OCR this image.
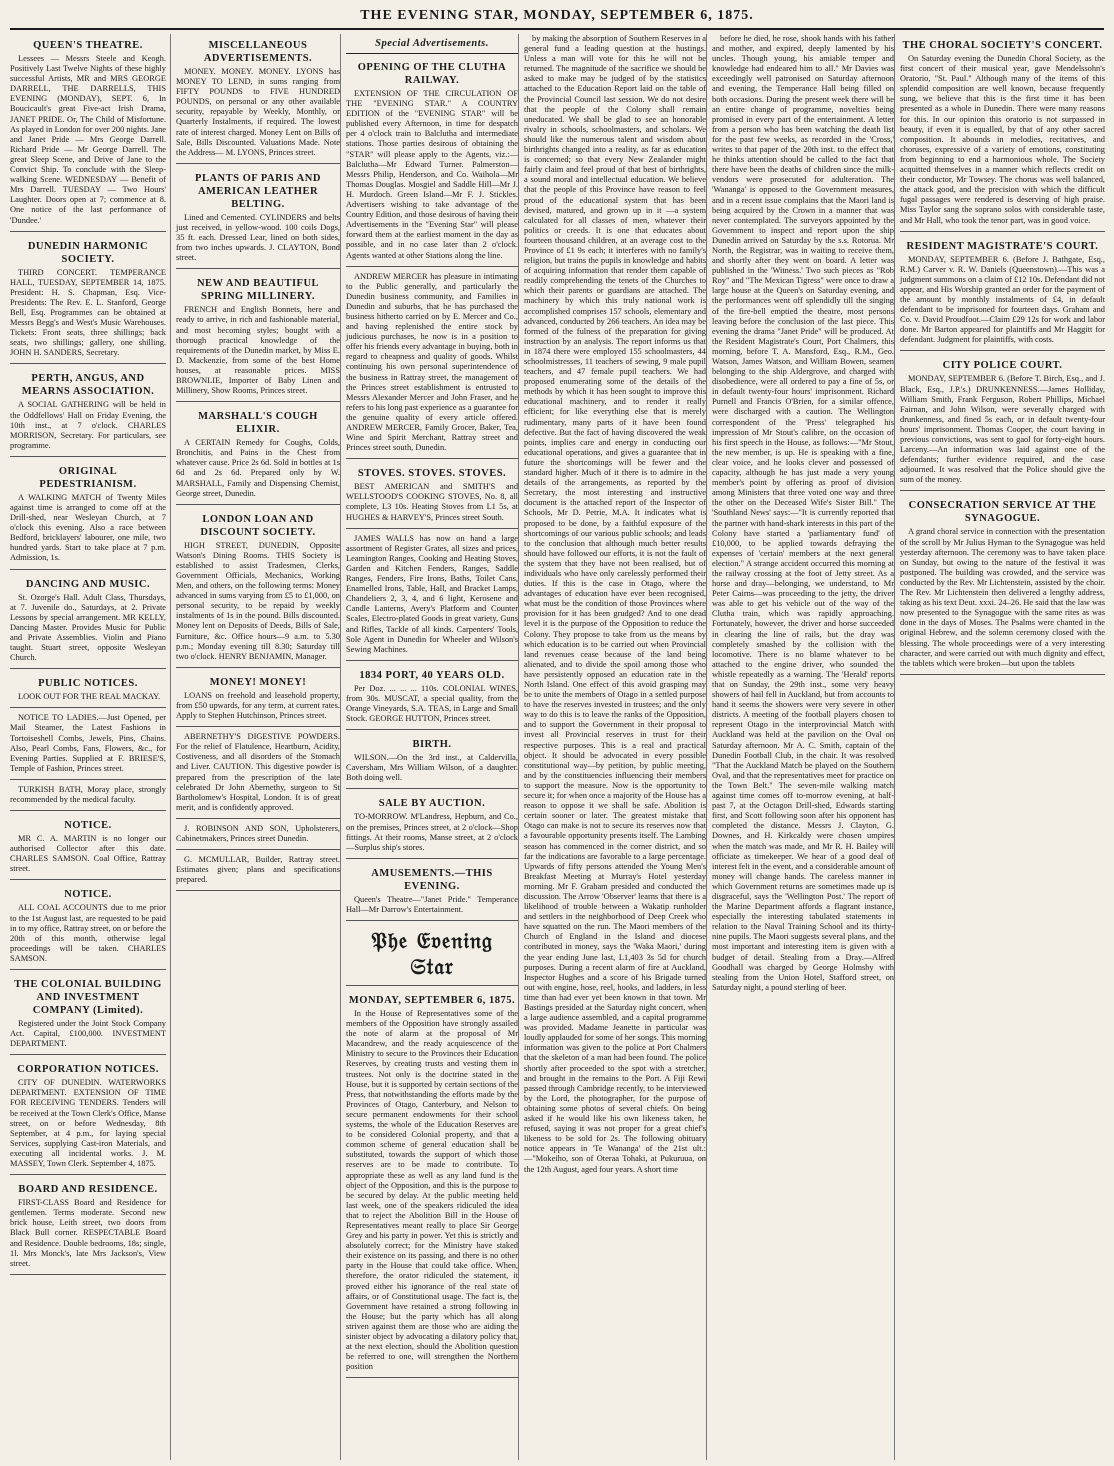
THE EVENING STAR, MONDAY, SEPTEMBER 6, 1875.
QUEEN'S THEATRE.

Lessees — Messrs Steele and Keogh. Positively Last Twelve Nights of these highly successful Artists, MR and MRS GEORGE DARRELL, THE DARRELLS, THIS EVENING (MONDAY), SEPT. 6, In Boucicault's great Five-act Irish Drama, JANET PRIDE. Or, The Child of Misfortune. As played in London for over 200 nights. Jane and Janet Pride — Mrs George Darrell. Richard Pride — Mr George Darrell. The great Sleep Scene, and Drive of Jane to the Convict Ship. To conclude with the Sleep-walking Scene. WEDNESDAY — Benefit of Mrs Darrell. TUESDAY — Two Hours' Laughter. Doors open at 7; commence at 8. One notice of the last performance of 'Dundee.'

DUNEDIN HARMONIC SOCIETY.

THIRD CONCERT. TEMPERANCE HALL, TUESDAY, SEPTEMBER 14, 1875. President: H. S. Chapman, Esq. Vice-Presidents: The Rev. E. L. Stanford, George Bell, Esq. Programmes can be obtained at Messrs Begg's and West's Music Warehouses. Tickets: Front seats, three shillings; back seats, two shillings; gallery, one shilling. JOHN H. SANDERS, Secretary.

PERTH, ANGUS, AND MEARNS ASSOCIATION.

A SOCIAL GATHERING will be held in the Oddfellows' Hall on Friday Evening, the 10th inst., at 7 o'clock. CHARLES MORRISON, Secretary. For particulars, see programme.

ORIGINAL PEDESTRIANISM.

A WALKING MATCH of Twenty Miles against time is arranged to come off at the Drill-shed, near Wesleyan Church, at 7 o'clock this evening. Also a race between Bedford, bricklayers' labourer, one mile, two hundred yards. Start to take place at 7 p.m. Admission, 1s.

DANCING AND MUSIC.

St. Ozorge's Hall. Adult Class, Thursdays, at 7. Juvenile do., Saturdays, at 2. Private Lessons by special arrangement. MR KELLY, Dancing Master. Provides Music for Public and Private Assemblies. Violin and Piano taught. Stuart street, opposite Wesleyan Church.

PUBLIC NOTICES.

LOOK OUT FOR THE REAL MACKAY.

NOTICE TO LADIES.—Just Opened, per Mail Steamer, the Latest Fashions in Tortoiseshell Combs, Jewels, Pins, Chains. Also, Pearl Combs, Fans, Flowers, &c., for Evening Parties. Supplied at F. BRIESE'S, Temple of Fashion, Princes street.

TURKISH BATH, Moray place, strongly recommended by the medical faculty.

NOTICE.

MR C. A. MARTIN is no longer our authorised Collector after this date. CHARLES SAMSON. Coal Office, Rattray street.

NOTICE.

ALL COAL ACCOUNTS due to me prior to the 1st August last, are requested to be paid in to my office, Rattray street, on or before the 20th of this month, otherwise legal proceedings will be taken. CHARLES SAMSON.

THE COLONIAL BUILDING AND INVESTMENT COMPANY (Limited).

Registered under the Joint Stock Company Act. Capital, £100,000. INVESTMENT DEPARTMENT.

CORPORATION NOTICES.

CITY OF DUNEDIN. WATERWORKS DEPARTMENT. EXTENSION OF TIME FOR RECEIVING TENDERS. Tenders will be received at the Town Clerk's Office, Manse street, on or before Wednesday, 8th September, at 4 p.m., for laying special Services, supplying Cast-iron Materials, and executing all incidental works. J. M. MASSEY, Town Clerk. September 4, 1875.

BOARD AND RESIDENCE.

FIRST-CLASS Board and Residence for gentlemen. Terms moderate. Second new brick house, Leith street, two doors from Black Bull corner. RESPECTABLE Board and Residence. Double bedrooms, 18s; single, 1l. Mrs Monck's, late Mrs Jackson's, View street.

MISCELLANEOUS ADVERTISEMENTS.

MONEY. MONEY. MONEY. LYONS has MONEY TO LEND, in sums ranging from FIFTY POUNDS to FIVE HUNDRED POUNDS, on personal or any other available security, repayable by Weekly, Monthly, or Quarterly Instalments, if required. The lowest rate of interest charged. Money Lent on Bills of Sale, Bills Discounted. Valuations Made. Note the Address— M. LYONS, Princes street.

PLANTS OF PARIS AND AMERICAN LEATHER BELTING.

Lined and Cemented. CYLINDERS and belts just received, in yellow-wood. 100 coils Dogs, 35 ft. each. Dressed Lear, lined on both sides, from two inches upwards. J. CLAYTON, Bond street.

NEW AND BEAUTIFUL SPRING MILLINERY.

FRENCH and English Bonnets, here and ready to arrive, in rich and fashionable material, and most becoming styles; bought with a thorough practical knowledge of the requirements of the Dunedin market, by Miss E. D. Mackenzie, from some of the best Home houses, at reasonable prices. MISS BROWNLIE, Importer of Baby Linen and Millinery, Show Rooms, Princes street.

MARSHALL'S COUGH ELIXIR.

A CERTAIN Remedy for Coughs, Colds, Bronchitis, and Pains in the Chest from whatever cause. Price 2s 6d. Sold in bottles at 1s 6d and 2s 6d. Prepared only by W. MARSHALL, Family and Dispensing Chemist, George street, Dunedin.

LONDON LOAN AND DISCOUNT SOCIETY.

HIGH STREET, DUNEDIN, Opposite Watson's Dining Rooms. THIS Society is established to assist Tradesmen, Clerks, Government Officials, Mechanics, Working Men, and others, on the following terms: Money advanced in sums varying from £5 to £1,000, on personal security, to be repaid by weekly instalments of 1s in the pound. Bills discounted. Money lent on Deposits of Deeds, Bills of Sale, Furniture, &c. Office hours—9 a.m. to 5.30 p.m.; Monday evening till 8.30; Saturday till two o'clock. HENRY BENJAMIN, Manager.

MONEY! MONEY!

LOANS on freehold and leasehold property, from £50 upwards, for any term, at current rates. Apply to Stephen Hutchinson, Princes street.

ABERNETHY'S DIGESTIVE POWDERS. For the relief of Flatulence, Heartburn, Acidity, Costiveness, and all disorders of the Stomach and Liver. CAUTION. This digestive powder is prepared from the prescription of the late celebrated Dr John Abernethy, surgeon to St Bartholomew's Hospital, London. It is of great merit, and is confidently approved.

J. ROBINSON AND SON, Upholsterers, Cabinetmakers, Princes street Dunedin.

G. MCMULLAR, Builder, Rattray street. Estimates given; plans and specifications prepared.

Special Advertisements.
OPENING OF THE CLUTHA RAILWAY.

EXTENSION OF THE CIRCULATION OF THE "EVENING STAR." A COUNTRY EDITION of the "EVENING STAR" will be published every Afternoon, in time for despatch per 4 o'clock train to Balclutha and intermediate stations. Those parties desirous of obtaining the "STAR" will please apply to the Agents, viz.:— Balclutha—Mr Edward Turner. Palmerston—Messrs Philip, Henderson, and Co. Waihola—Mr Thomas Douglas. Mosgiel and Saddle Hill—Mr J. H. Murdoch. Green Island—Mr F. J. Stickles. Advertisers wishing to take advantage of the Country Edition, and those desirous of having their Advertisements in the "Evening Star" will please forward them at the earliest moment in the day as possible, and in no case later than 2 o'clock. Agents wanted at other Stations along the line.

ANDREW MERCER has pleasure in intimating to the Public generally, and particularly the Dunedin business community, and Families in Dunedin and suburbs, that he has purchased the business hitherto carried on by E. Mercer and Co., and having replenished the entire stock by judicious purchases, he now is in a position to offer his friends every advantage in buying, both in regard to cheapness and quality of goods. Whilst continuing his own personal superintendence of the business in Rattray street, the management of the Princes street establishment is entrusted to Messrs Alexander Mercer and John Fraser, and he refers to his long past experience as a guarantee for the genuine quality of every article offered. ANDREW MERCER, Family Grocer, Baker, Tea, Wine and Spirit Merchant, Rattray street and Princes street south, Dunedin.

STOVES. STOVES. STOVES.

BEST AMERICAN and SMITH'S and WELLSTOOD'S COOKING STOVES, No. 8, all complete, L3 10s. Heating Stoves from L1 5s, at HUGHES & HARVEY'S, Princes street South.

JAMES WALLS has now on hand a large assortment of Register Grates, all sizes and prices, Leamington Ranges, Cooking and Heating Stoves, Garden and Kitchen Fenders, Ranges, Saddle Ranges, Fenders, Fire Irons, Baths, Toilet Cans, Enamelled Irons, Table, Hall, and Bracket Lamps, Chandeliers 2, 3, 4, and 6 light, Kerosene and Candle Lanterns, Avery's Platform and Counter Scales, Electro-plated Goods in great variety, Guns and Rifles, Tackle of all kinds. Carpenters' Tools, Sole Agent in Dunedin for Wheeler and Wilson's Sewing Machines.

1834 PORT, 40 YEARS OLD.

Per Doz. ... ... ... 110s. COLONIAL WINES, from 30s. MUSCAT, a special quality, from the Orange Vineyards, S.A. TEAS, in Large and Small Stock. GEORGE HUTTON, Princes street.

BIRTH.

WILSON.—On the 3rd inst., at Caldervilla, Caversham, Mrs William Wilson, of a daughter. Both doing well.

SALE BY AUCTION.

TO-MORROW. M'Landress, Hepburn, and Co., on the premises, Princes street, at 2 o'clock—Shop fittings. At their rooms, Manse street, at 2 o'clock—Surplus ship's stores.

AMUSEMENTS.—THIS EVENING.

Queen's Theatre—"Janet Pride." Temperance Hall—Mr Darrow's Entertainment.

𝔓𝔥𝔢 𝔈𝔳𝔢𝔫𝔦𝔫𝔤 𝔖𝔱𝔞𝔯
MONDAY, SEPTEMBER 6, 1875.

In the House of Representatives some of the members of the Opposition have strongly assailed the note of alarm at the proposal of Mr Macandrew, and the ready acquiescence of the Ministry to secure to the Provinces their Education Reserves, by creating trusts and vesting them in trustees. Not only is the doctrine stated in the House, but it is supported by certain sections of the Press, that notwithstanding the efforts made by the Provinces of Otago, Canterbury, and Nelson to secure permanent endowments for their school systems, the whole of the Education Reserves are to be considered Colonial property, and that a common scheme of general education shall be substituted, towards the support of which those reserves are to be made to contribute. To appropriate these as well as any land fund is the object of the Opposition, and this is the purpose to be secured by delay. At the public meeting held last week, one of the speakers ridiculed the idea that to reject the Abolition Bill in the House of Representatives meant really to place Sir George Grey and his party in power. Yet this is strictly and absolutely correct; for the Ministry have staked their existence on its passing, and there is no other party in the House that could take office. When, therefore, the orator ridiculed the statement, it proved either his ignorance of the real state of affairs, or of Constitutional usage. The fact is, the Government have retained a strong following in the House; but the party which has all along striven against them are those who are aiding the sinister object by advocating a dilatory policy that, at the next election, should the Abolition question be referred to one, will strengthen the Northern position

by making the absorption of Southern Reserves in a general fund a leading question at the hustings. Unless a man will vote for this he will not be returned. The magnitude of the sacrifice we should be asked to make may be judged of by the statistics attached to the Education Report laid on the table of the Provincial Council last session. We do not desire that the people of the Colony shall remain uneducated. We shall be glad to see an honorable rivalry in schools, schoolmasters, and scholars. We should like the numerous talent and wisdom about birthrights changed into a reality, as far as education is concerned; so that every New Zealander might fairly claim and feel proud of that best of birthrights, a sound moral and intellectual education. We believe that the people of this Province have reason to feel proud of the educational system that has been devised, matured, and grown up in it —a system calculated for all classes of men, whatever their politics or creeds. It is one that educates about fourteen thousand children, at an average cost to the Province of £1 9s each; it interferes with no family's religion, but trains the pupils in knowledge and habits of acquiring information that render them capable of readily comprehending the tenets of the Churches to which their parents or guardians are attached. The machinery by which this truly national work is accomplished comprises 157 schools, elementary and advanced, conducted by 266 teachers. An idea may be formed of the fulness of the preparation for giving instruction by an analysis. The report informs us that in 1874 there were employed 155 schoolmasters, 44 schoolmistresses, 11 teachers of sewing, 9 male pupil teachers, and 47 female pupil teachers. We had proposed enumerating some of the details of the methods by which it has been sought to improve this educational machinery, and to render it really efficient; for like everything else that is merely rudimentary, many parts of it have been found defective. But the fact of having discovered the weak points, implies care and energy in conducting our educational operations, and gives a guarantee that in future the shortcomings will be fewer and the standard higher. Much of it there is to admire in the details of the arrangements, as reported by the Secretary, the most interesting and instructive document is the attached report of the Inspector of Schools, Mr D. Petrie, M.A. It indicates what is proposed to be done, by a faithful exposure of the shortcomings of our various public schools; and leads to the conclusion that although much better results should have followed our efforts, it is not the fault of the system that they have not been realised, but of individuals who have only carelessly performed their duties. If this is the case in Otago, where the advantages of education have ever been recognised, what must be the condition of those Provinces where provision for it has been grudged? And to one dead level it is the purpose of the Opposition to reduce the Colony. They propose to take from us the means by which education is to be carried out when Provincial land revenues cease because of the land being alienated, and to divide the spoil among those who have persistently opposed an education rate in the North Island. One effect of this avoid grasping may be to unite the members of Otago in a settled purpose to have the reserves invested in trustees; and the only way to do this is to leave the ranks of the Opposition, and to support the Government in their proposal to invest all Provincial reserves in trust for their respective purposes. This is a real and practical object. It should be advocated in every possible constitutional way—by petition, by public meeting, and by the constituencies influencing their members to support the measure. Now is the opportunity to secure it; for when once a majority of the House has a reason to oppose it we shall be safe. Abolition is certain sooner or later. The greatest mistake that Otago can make is not to secure its reserves now that a favourable opportunity presents itself. The Lambing season has commenced in the corner district, and so far the indications are favorable to a large percentage. Upwards of fifty persons attended the Young Men's Breakfast Meeting at Murray's Hotel yesterday morning. Mr F. Graham presided and conducted the discussion. The Arrow 'Observer' learns that there is a likelihood of trouble between a Wakatip runholder and settlers in the neighborhood of Deep Creek who have squatted on the run. The Maori members of the Church of England in the Island and diocese contributed in money, says the 'Waka Maori,' during the year ending June last, L1,403 3s 5d for church purposes. During a recent alarm of fire at Auckland, Inspector Hughes and a score of his Brigade turned out with engine, hose, reel, hooks, and ladders, in less time than had ever yet been known in that town. Mr Bastings presided at the Saturday night concert, when a large audience assembled, and a capital programme was provided. Madame Jeanette in particular was loudly applauded for some of her songs. This morning information was given to the police at Port Chalmers that the skeleton of a man had been found. The police shortly after proceeded to the spot with a stretcher, and brought in the remains to the Port. A Fiji Rewi passed through Cambridge recently, to be interviewed by the Lord, the photographer, for the purpose of obtaining some photos of several chiefs. On being asked if he would like his own likeness taken, he refused, saying it was not proper for a great chief's likeness to be sold for 2s. The following obituary notice appears in 'Te Wananga' of the 21st ult.:—"Mokeiho, son of Oteraa Tohaki, at Pukuruua, on the 12th August, aged four years. A short time

before he died, he rose, shook hands with his father and mother, and expired, deeply lamented by his uncles. Though young, his amiable temper and knowledge had endeared him to all." Mr Davies was exceedingly well patronised on Saturday afternoon and evening, the Temperance Hall being filled on both occasions. During the present week there will be an entire change of programme, novelties being promised in every part of the entertainment. A letter from a person who has been watching the death list for the past few weeks, as recorded in the 'Cross,' writes to that paper of the 20th inst. to the effect that he thinks attention should be called to the fact that there have been the deaths of children since the milk-vendors were prosecuted for adulteration. The 'Wananga' is opposed to the Government measures, and in a recent issue complains that the Maori land is being acquired by the Crown in a manner that was never contemplated. The surveyors appointed by the Government to inspect and report upon the ship Dunedin arrived on Saturday by the s.s. Rotorua. Mr North, the Registrar, was in waiting to receive them, and shortly after they went on board. A letter was published in the 'Witness.' Two such pieces as "Rob Roy" and "The Mexican Tigress" were once to draw a large house at the Queen's on Saturday evening, and the performances went off splendidly till the singing of the fire-bell emptied the theatre, most persons leaving before the conclusion of the last piece. This evening the drama "Janet Pride" will be produced. At the Resident Magistrate's Court, Port Chalmers, this morning, before T. A. Mansford, Esq., R.M., Geo. Watson, James Watson, and William Bowen, seamen belonging to the ship Aldergrove, and charged with disobedience, were all ordered to pay a fine of 5s, or in default twenty-four hours' imprisonment. Richard Purnell and Francis O'Brien, for a similar offence, were discharged with a caution. The Wellington correspondent of the 'Press' telegraphed his impression of Mr Stout's calibre, on the occasion of his first speech in the House, as follows:—"Mr Stout, the new member, is up. He is speaking with a fine, clear voice, and he looks clever and possessed of capacity, although he has just made a very young member's point by offering as proof of division among Ministers that three voted one way and three the other on the Deceased Wife's Sister Bill." The 'Southland News' says:—"It is currently reported that the partner with hand-shark interests in this part of the Colony have started a 'parliamentary fund' of £10,000, to be applied towards defraying the expenses of 'certain' members at the next general election." A strange accident occurred this morning at the railway crossing at the foot of Jetty street. As a horse and dray—belonging, we understand, to Mr Peter Cairns—was proceeding to the jetty, the driver was able to get his vehicle out of the way of the Clutha train, which was rapidly approaching. Fortunately, however, the driver and horse succeeded in clearing the line of rails, but the dray was completely smashed by the collision with the locomotive. There is no blame whatever to be attached to the engine driver, who sounded the whistle repeatedly as a warning. The 'Herald' reports that on Sunday, the 29th inst., some very heavy showers of hail fell in Auckland, but from accounts to hand it seems the showers were very severe in other districts. A meeting of the football players chosen to represent Otago in the interprovincial Match with Auckland was held at the pavilion on the Oval on Saturday afternoon. Mr A. C. Smith, captain of the Dunedin Football Club, in the chair. It was resolved "That the Auckland Match be played on the Southern Oval, and that the representatives meet for practice on the Town Belt." The seven-mile walking match against time comes off to-morrow evening, at half-past 7, at the Octagon Drill-shed, Edwards starting first, and Scott following soon after his opponent has completed the distance. Messrs J. Clayton, G. Downes, and H. Kirkcaldy were chosen umpires when the match was made, and Mr R. H. Bailey will officiate as timekeeper. We hear of a good deal of interest felt in the event, and a considerable amount of money will change hands. The careless manner in which Government returns are sometimes made up is disgraceful, says the 'Wellington Post.' The report of the Marine Department affords a flagrant instance, especially the interesting tabulated statements in relation to the Naval Training School and its thirty-nine pupils. The Maori suggests several plans, and the most important and interesting item is given with a budget of detail. Stealing from a Dray.—Alfred Goodhall was charged by George Holmsby with stealing from the Union Hotel, Stafford street, on Saturday night, a pound sterling of beer.

THE CHORAL SOCIETY'S CONCERT.

On Saturday evening the Dunedin Choral Society, as the first concert of their musical year, gave Mendelssohn's Oratorio, "St. Paul." Although many of the items of this splendid composition are well known, because frequently sung, we believe that this is the first time it has been presented as a whole in Dunedin. There were many reasons for this. In our opinion this oratorio is not surpassed in beauty, if even it is equalled, by that of any other sacred composition. It abounds in melodies, recitatives, and choruses, expressive of a variety of emotions, constituting from beginning to end a harmonious whole. The Society acquitted themselves in a manner which reflects credit on their conductor, Mr Towsey. The chorus was well balanced, the attack good, and the precision with which the difficult fugal passages were rendered is deserving of high praise. Miss Taylor sang the soprano solos with considerable taste, and Mr Hall, who took the tenor part, was in good voice.

RESIDENT MAGISTRATE'S COURT.

MONDAY, SEPTEMBER 6. (Before J. Bathgate, Esq., R.M.) Carver v. R. W. Daniels (Queenstown).—This was a judgment summons on a claim of £12 10s. Defendant did not appear, and His Worship granted an order for the payment of the amount by monthly instalments of £4, in default defendant to be imprisoned for fourteen days. Graham and Co. v. David Proudfoot.—Claim £29 12s for work and labor done. Mr Barton appeared for plaintiffs and Mr Haggitt for defendant. Judgment for plaintiffs, with costs.

CITY POLICE COURT.

MONDAY, SEPTEMBER 6. (Before T. Birch, Esq., and J. Black, Esq., J.P.'s.) DRUNKENNESS.—James Holliday, William Smith, Frank Ferguson, Robert Phillips, Michael Fairnan, and John Wilson, were severally charged with drunkenness, and fined 5s each, or in default twenty-four hours' imprisonment. Thomas Cooper, the court having in previous convictions, was sent to gaol for forty-eight hours. Larceny.—An information was laid against one of the defendants; further evidence required, and the case adjourned. It was resolved that the Police should give the sum of the money.

CONSECRATION SERVICE AT THE SYNAGOGUE.

A grand choral service in connection with the presentation of the scroll by Mr Julius Hyman to the Synagogue was held yesterday afternoon. The ceremony was to have taken place on Sunday, but owing to the nature of the festival it was postponed. The building was crowded, and the service was conducted by the Rev. Mr Lichtenstein, assisted by the choir. The Rev. Mr Lichtenstein then delivered a lengthy address, taking as his text Deut. xxxi. 24–26. He said that the law was now presented to the Synagogue with the same rites as was done in the days of Moses. The Psalms were chanted in the original Hebrew, and the solemn ceremony closed with the blessing. The whole proceedings were of a very interesting character, and were carried out with much dignity and effect, the tablets which were broken—but upon the tablets
